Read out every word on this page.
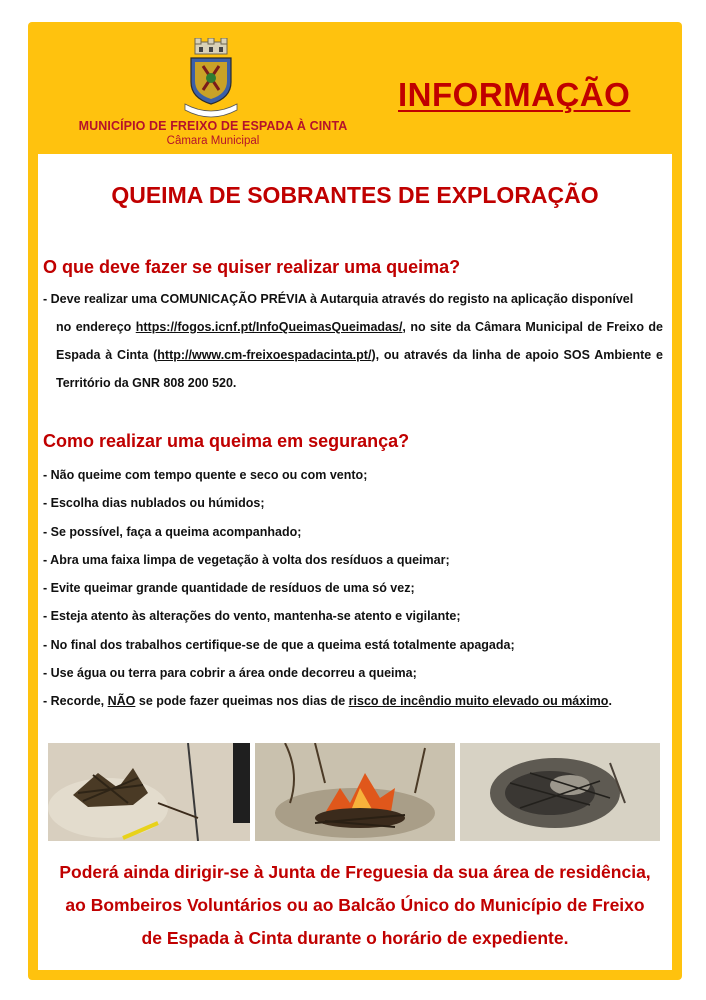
MUNICÍPIO DE FREIXO DE ESPADA À CINTA
Câmara Municipal
INFORMAÇÃO
QUEIMA DE SOBRANTES DE EXPLORAÇÃO
O que deve fazer se quiser realizar uma queima?
- Deve realizar uma COMUNICAÇÃO PRÉVIA à Autarquia através do registo na aplicação disponível
no endereço https://fogos.icnf.pt/InfoQueimasQueimadas/, no site da Câmara Municipal de Freixo de Espada à Cinta (http://www.cm-freixoespadacinta.pt/), ou através da linha de apoio SOS Ambiente e Território da GNR 808 200 520.
Como realizar uma queima em segurança?
- Não queime com tempo quente e seco ou com vento;
- Escolha dias nublados ou húmidos;
- Se possível, faça a queima acompanhado;
- Abra uma faixa limpa de vegetação à volta dos resíduos a queimar;
- Evite queimar grande quantidade de resíduos de uma só vez;
- Esteja atento às alterações do vento, mantenha-se atento e vigilante;
- No final dos trabalhos certifique-se de que a queima está totalmente apagada;
- Use água ou terra para cobrir a área onde decorreu a queima;
- Recorde, NÃO se pode fazer queimas nos dias de risco de incêndio muito elevado ou máximo.
Poderá ainda dirigir-se à Junta de Freguesia da sua área de residência,
ao Bombeiros Voluntários ou ao Balcão Único do Município de Freixo
de Espada à Cinta durante o horário de expediente.
